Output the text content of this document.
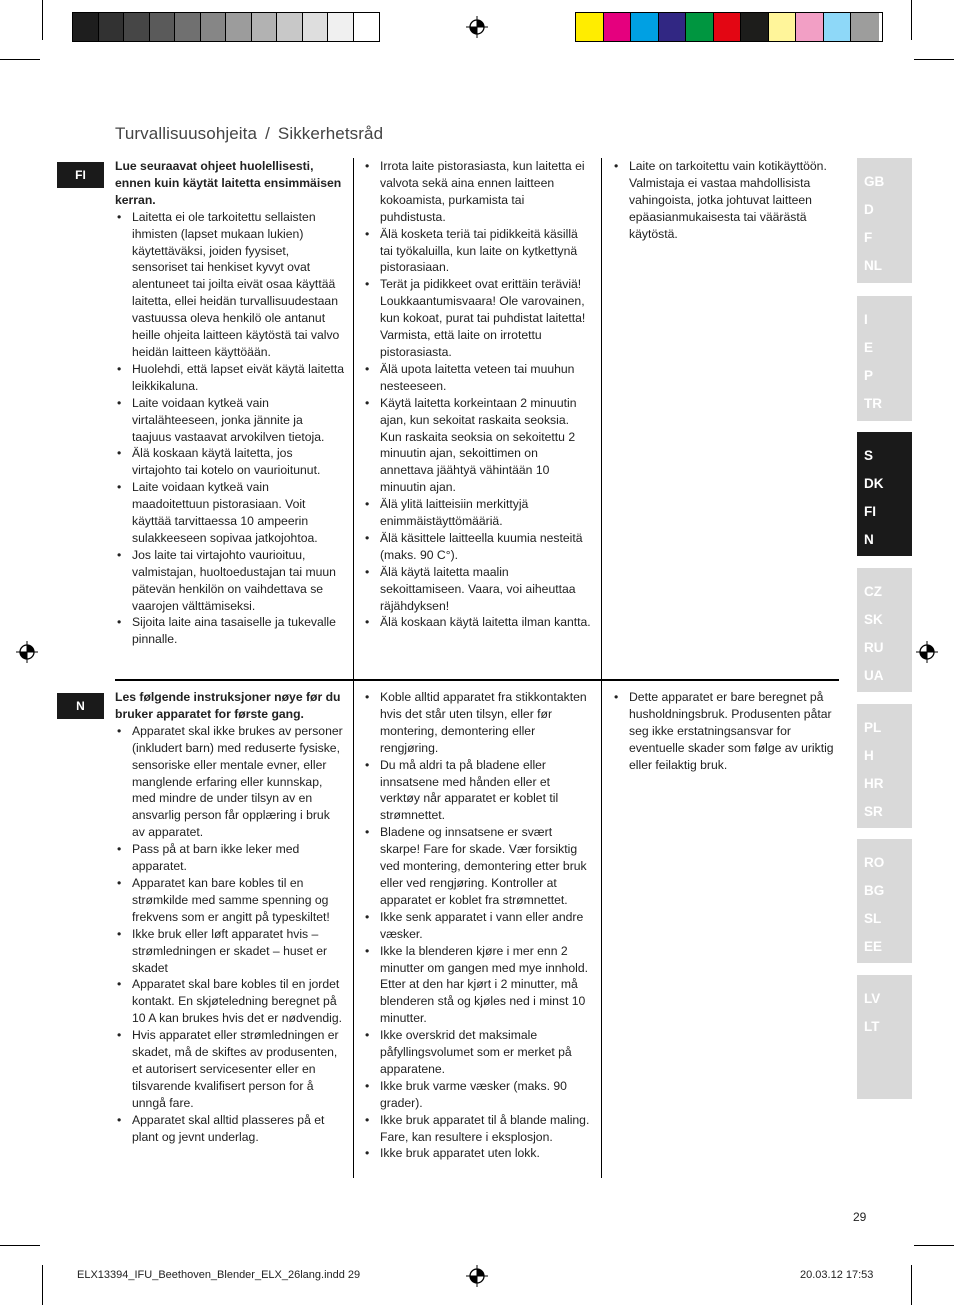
Turvallisuusohjeita / Sikkerhetsråd
FI

Lue seuraavat ohjeet huolellisesti, ennen kuin käytät laitetta ensimmäisen kerran.

• Laitetta ei ole tarkoitettu sellaisten ihmisten (lapset mukaan lukien) käytettäväksi, joiden fyysiset, sensoriset tai henkiset kyvyt ovat alentuneet tai joilta eivät osaa käyttää laitetta, ellei heidän turvallisuudestaan vastuussa oleva henkilö ole antanut heille ohjeita laitteen käytöstä tai valvo heidän laitteen käyttöään.
• Huolehdi, että lapset eivät käytä laitetta leikkikaluna.
• Laite voidaan kytkeä vain virtalähteeseen, jonka jännite ja taajuus vastaavat arvokilven tietoja.
• Älä koskaan käytä laitetta, jos virtajohto tai kotelo on vaurioitunut.
• Laite voidaan kytkeä vain maadoitettuun pistorasiaan. Voit käyttää tarvittaessa 10 ampeerin sulakkeeseen sopivaa jatkojohtoa.
• Jos laite tai virtajohto vaurioituu, valmistajan, huoltoedustajan tai muun pätevän henkilön on vaihdettava se vaarojen välttämiseksi.
• Sijoita laite aina tasaiselle ja tukevalle pinnalle.
• Irrota laite pistorasiasta, kun laitetta ei valvota sekä aina ennen laitteen kokoamista, purkamista tai puhdistusta.
• Älä kosketa teriä tai pidikkeitä käsillä tai työkaluilla, kun laite on kytkettynä pistorasiaan.
• Terät ja pidikkeet ovat erittäin teräviä! Loukkaantumisvaara! Ole varovainen, kun kokoat, purat tai puhdistat laitetta! Varmista, että laite on irrotettu pistorasiasta.
• Älä upota laitetta veteen tai muuhun nesteeseen.
• Käytä laitetta korkeintaan 2 minuutin ajan, kun sekoitat raskaita seoksia. Kun raskaita seoksia on sekoitettu 2 minuutin ajan, sekoittimen on annettava jäähtyä vähintään 10 minuutin ajan.
• Älä ylitä laitteisiin merkittyjä enimmäistäyttömääriä.
• Älä käsittele laitteella kuumia nesteitä (maks. 90 C°).
• Älä käytä laitetta maalin sekoittamiseen. Vaara, voi aiheuttaa räjähdyksen!
• Älä koskaan käytä laitetta ilman kantta.
• Laite on tarkoitettu vain kotikäyttöön. Valmistaja ei vastaa mahdollisista vahingoista, jotka johtuvat laitteen epäasianmukaisesta tai väärästä käytöstä.
N

Les følgende instruksjoner nøye før du bruker apparatet for første gang.

• Apparatet skal ikke brukes av personer (inkludert barn) med reduserte fysiske, sensoriske eller mentale evner, eller manglende erfaring eller kunnskap, med mindre de under tilsyn av en ansvarlig person får opplæring i bruk av apparatet.
• Pass på at barn ikke leker med apparatet.
• Apparatet kan bare kobles til en strømkilde med samme spenning og frekvens som er angitt på typeskiltet!
• Ikke bruk eller løft apparatet hvis – strømledningen er skadet – huset er skadet
• Apparatet skal bare kobles til en jordet kontakt. En skjøteledning beregnet på 10 A kan brukes hvis det er nødvendig.
• Hvis apparatet eller strømledningen er skadet, må de skiftes av produsenten, et autorisert servicesenter eller en tilsvarende kvalifisert person for å unngå fare.
• Apparatet skal alltid plasseres på et plant og jevnt underlag.
• Koble alltid apparatet fra stikkontakten hvis det står uten tilsyn, eller før montering, demontering eller rengjøring.
• Du må aldri ta på bladene eller innsatsene med hånden eller et verktøy når apparatet er koblet til strømnettet.
• Bladene og innsatsene er svært skarpe! Fare for skade. Vær forsiktig ved montering, demontering etter bruk eller ved rengjøring. Kontroller at apparatet er koblet fra strømnettet.
• Ikke senk apparatet i vann eller andre væsker.
• Ikke la blenderen kjøre i mer enn 2 minutter om gangen med mye innhold. Etter at den har kjørt i 2 minutter, må blenderen stå og kjøles ned i minst 10 minutter.
• Ikke overskrid det maksimale påfyllingsvolumet som er merket på apparatene.
• Ikke bruk varme væsker (maks. 90 grader).
• Ikke bruk apparatet til å blande maling. Fare, kan resultere i eksplosjon.
• Ikke bruk apparatet uten lokk.
• Dette apparatet er bare beregnet på husholdningsbruk. Produsenten påtar seg ikke erstatningsansvar for eventuelle skader som følge av uriktig eller feilaktig bruk.
GB
D
F
NL
I
E
P
TR
S
DK
FI
N
CZ
SK
RU
UA
PL
H
HR
SR
RO
BG
SL
EE
LV
LT
29
ELX13394_IFU_Beethoven_Blender_ELX_26lang.indd 29	20.03.12 17:53
